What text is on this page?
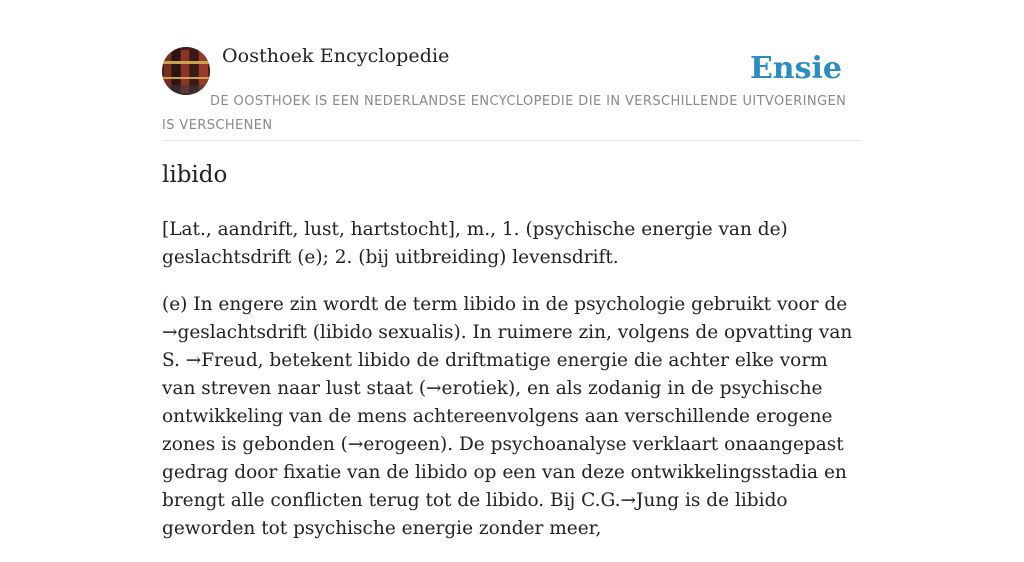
Oosthoek Encyclopedie	Ensie
DE OOSTHOEK IS EEN NEDERLANDSE ENCYCLOPEDIE DIE IN VERSCHILLENDE UITVOERINGEN IS VERSCHENEN
libido

[Lat., aandrift, lust, hartstocht], m., 1. (psychische energie van de) geslachtsdrift (e); 2. (bij uitbreiding) levensdrift.

(e) In engere zin wordt de term libido in de psychologie gebruikt voor de →geslachtsdrift (libido sexualis). In ruimere zin, volgens de opvatting van S. →Freud, betekent libido de driftmatige energie die achter elke vorm van streven naar lust staat (→erotiek), en als zodanig in de psychische ontwikkeling van de mens achtereenvolgens aan verschillende erogene zones is gebonden (→erogeen). De psychoanalyse verklaart onaangepast gedrag door fixatie van de libido op een van deze ontwikkelingsstadia en brengt alle conflicten terug tot de libido. Bij C.G.→Jung is de libido geworden tot psychische energie zonder meer,
